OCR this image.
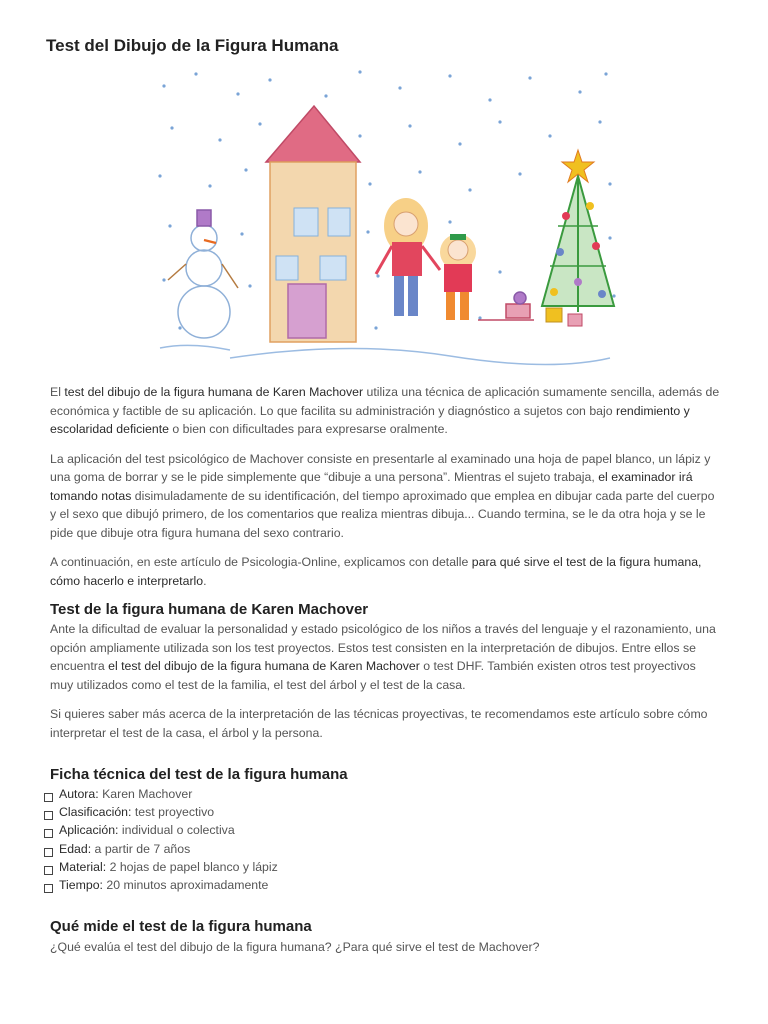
Test del Dibujo de la Figura Humana

El test del dibujo de la figura humana de Karen Machover utiliza una técnica de aplicación sumamente sencilla, además de económica y factible de su aplicación. Lo que facilita su administración y diagnóstico a sujetos con bajo rendimiento y escolaridad deficiente o bien con dificultades para expresarse oralmente.

La aplicación del test psicológico de Machover consiste en presentarle al examinado una hoja de papel blanco, un lápiz y una goma de borrar y se le pide simplemente que “dibuje a una persona”. Mientras el sujeto trabaja, el examinador irá tomando notas disimuladamente de su identificación, del tiempo aproximado que emplea en dibujar cada parte del cuerpo y el sexo que dibujó primero, de los comentarios que realiza mientras dibuja... Cuando termina, se le da otra hoja y se le pide que dibuje otra figura humana del sexo contrario.

A continuación, en este artículo de Psicologia-Online, explicamos con detalle para qué sirve el test de la figura humana, cómo hacerlo e interpretarlo.

Test de la figura humana de Karen Machover

Ante la dificultad de evaluar la personalidad y estado psicológico de los niños a través del lenguaje y el razonamiento, una opción ampliamente utilizada son los test proyectos. Estos test consisten en la interpretación de dibujos. Entre ellos se encuentra el test del dibujo de la figura humana de Karen Machover o test DHF. También existen otros test proyectivos muy utilizados como el test de la familia, el test del árbol y el test de la casa.

Si quieres saber más acerca de la interpretación de las técnicas proyectivas, te recomendamos este artículo sobre cómo interpretar el test de la casa, el árbol y la persona.

Ficha técnica del test de la figura humana
Autora: Karen Machover
Clasificación: test proyectivo
Aplicación: individual o colectiva
Edad: a partir de 7 años
Material: 2 hojas de papel blanco y lápiz
Tiempo: 20 minutos aproximadamente
Qué mide el test de la figura humana

¿Qué evalúa el test del dibujo de la figura humana? ¿Para qué sirve el test de Machover?
